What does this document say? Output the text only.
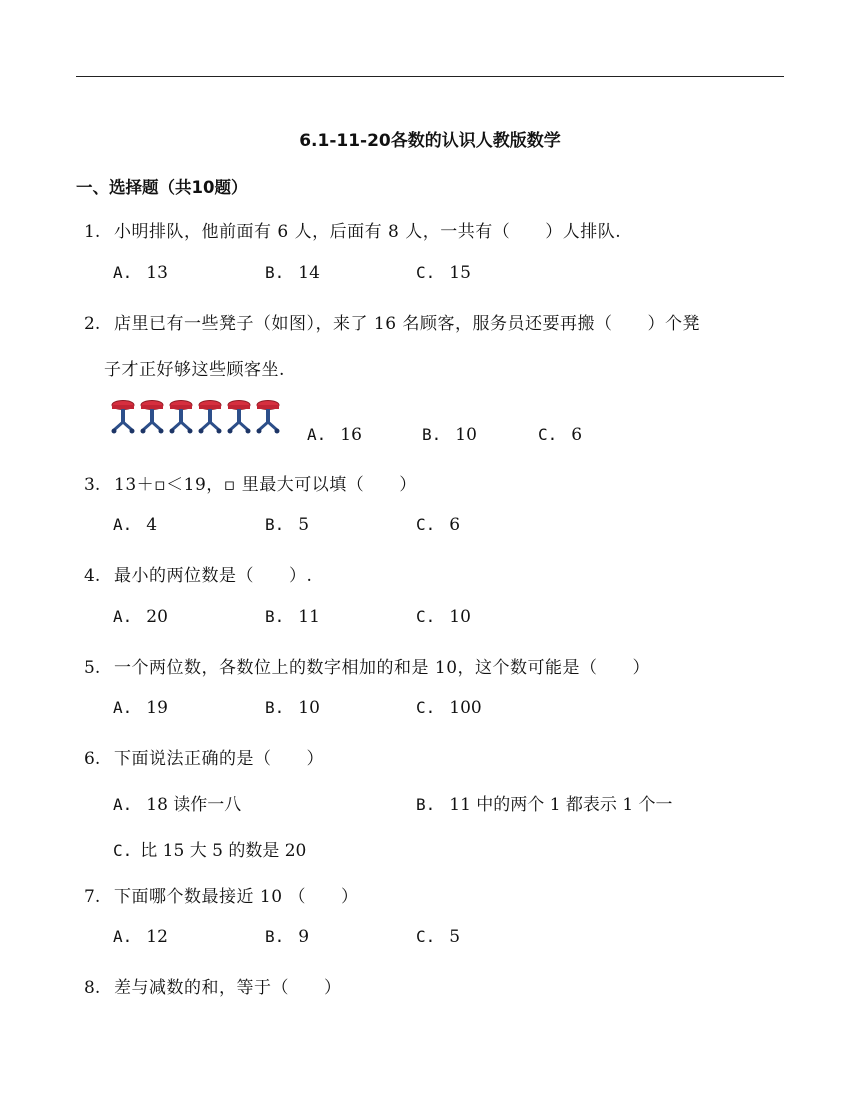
6.1-11-20各数的认识人教版数学
一、选择题（共10题）
1. 小明排队，他前面有 6 人，后面有 8 人，一共有（　　）人排队.
A. 13	B. 14	C. 15
2. 店里已有一些凳子（如图），来了 16 名顾客，服务员还要再搬（　　）个凳
子才正好够这些顾客坐.
A. 16	B. 10	C. 6
3. 13＋▫＜19，▫ 里最大可以填（　　）
A. 4	B. 5	C. 6
4. 最小的两位数是（　　）.
A. 20	B. 11	C. 10
5. 一个两位数，各数位上的数字相加的和是 10，这个数可能是（　　）
A. 19	B. 10	C. 100
6. 下面说法正确的是（　　）
A. 18 读作一八	B. 11 中的两个 1 都表示 1 个一
C. 比 15 大 5 的数是 20
7. 下面哪个数最接近 10 （　　）
A. 12	B. 9	C. 5
8. 差与减数的和，等于（　　）
